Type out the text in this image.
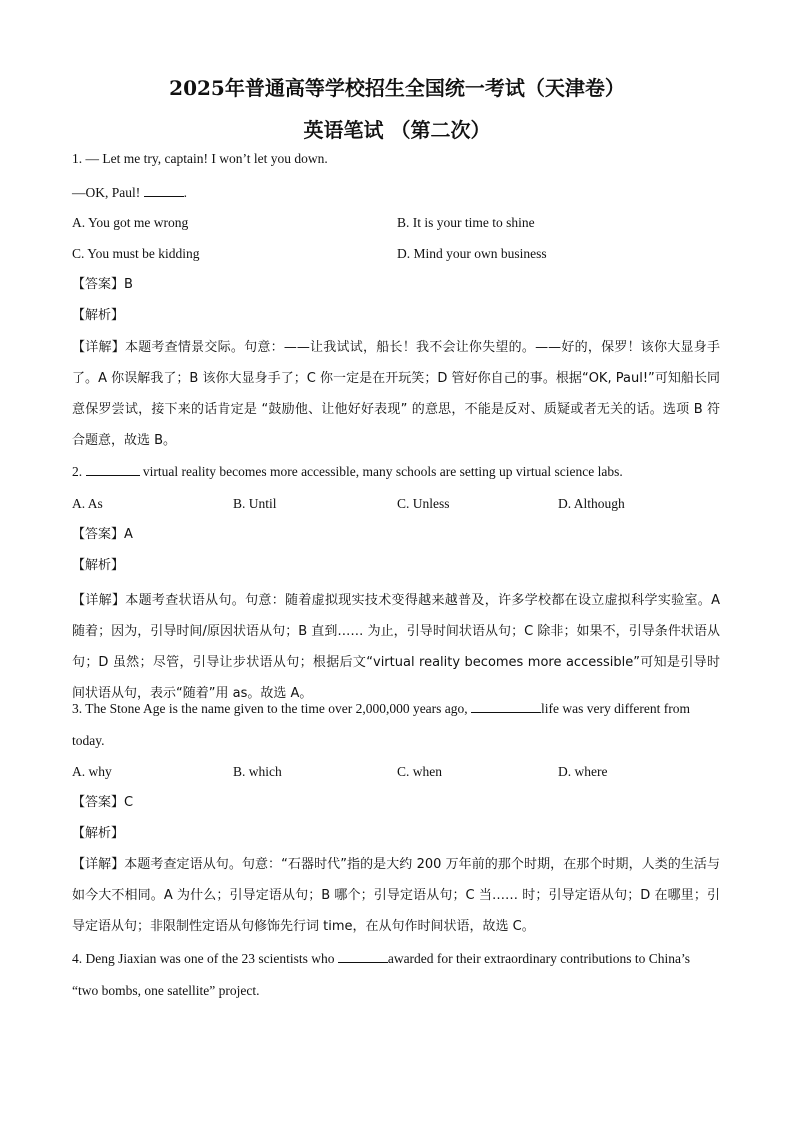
2025年普通高等学校招生全国统一考试（天津卷）
英语笔试 （第二次）
1. — Let me try, captain! I won’t let you down.
—OK, Paul!	.
A. You got me wrong	B. It is your time to shine
C. You must be kidding	D. Mind your own business
【答案】B
【解析】
【详解】本题考查情景交际。句意：——让我试试，船长！我不会让你失望的。——好的，保罗！该你大显身手了。A 你误解我了；B 该你大显身手了；C 你一定是在开玩笑；D 管好你自己的事。根据“OK, Paul!”可知船长同意保罗尝试，接下来的话肯定是 “鼓励他、让他好好表现” 的意思，不能是反对、质疑或者无关的话。选项 B 符合题意，故选 B。
2.	virtual reality becomes more accessible, many schools are setting up virtual science labs.
A. As	B. Until	C. Unless	D. Although
【答案】A
【解析】
【详解】本题考查状语从句。句意：随着虚拟现实技术变得越来越普及，许多学校都在设立虚拟科学实验室。A 随着；因为，引导时间/原因状语从句；B 直到…… 为止，引导时间状语从句；C 除非；如果不，引导条件状语从句；D 虽然；尽管，引导让步状语从句；根据后文“virtual reality becomes more accessible”可知是引导时间状语从句，表示“随着”用 as。故选 A。
3. The Stone Age is the name given to the time over 2,000,000 years ago,	life was very different from
today.
A. why	B. which	C. when	D. where
【答案】C
【解析】
【详解】本题考查定语从句。句意：“石器时代”指的是大约 200 万年前的那个时期，在那个时期，人类的生活与如今大不相同。A 为什么；引导定语从句；B 哪个；引导定语从句；C 当…… 时；引导定语从句；D 在哪里；引导定语从句；非限制性定语从句修饰先行词 time，在从句作时间状语，故选 C。
4. Deng Jiaxian was one of the 23 scientists who	awarded for their extraordinary contributions to China’s
“two bombs, one satellite” project.
